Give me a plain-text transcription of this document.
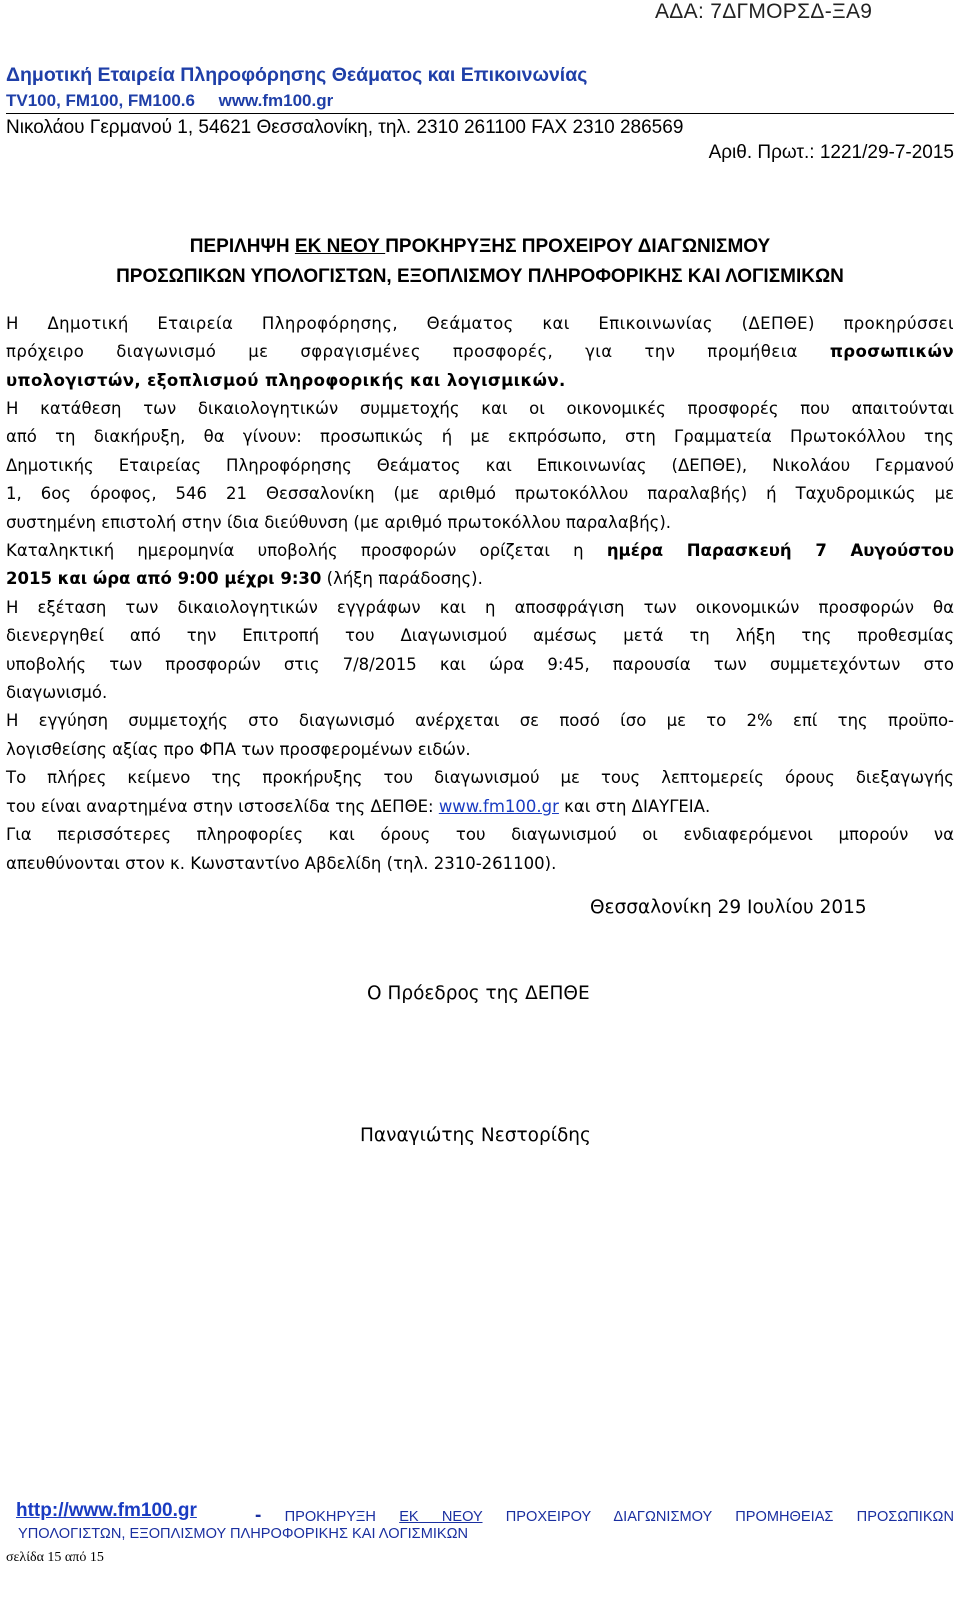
ΑΔΑ: 7ΔΓΜΟΡΣΔ-ΞΑ9
Δημοτική Εταιρεία Πληροφόρησης Θεάματος και Επικοινωνίας
TV100, FM100, FM100.6 www.fm100.gr
Νικολάου Γερμανού 1, 54621 Θεσσαλονίκη, τηλ. 2310 261100 FAX 2310 286569
Αριθ. Πρωτ.: 1221/29-7-2015
ΠΕΡΙΛΗΨΗ ΕΚ ΝΕΟΥ ΠΡΟΚΗΡΥΞΗΣ ΠΡΟΧΕΙΡΟΥ ΔΙΑΓΩΝΙΣΜΟΥ
ΠΡΟΣΩΠΙΚΩΝ ΥΠΟΛΟΓΙΣΤΩΝ, ΕΞΟΠΛΙΣΜΟΥ ΠΛΗΡΟΦΟΡΙΚΗΣ ΚΑΙ ΛΟΓΙΣΜΙΚΩΝ
Η Δημοτική Εταιρεία Πληροφόρησης, Θεάματος και Επικοινωνίας (ΔΕΠΘΕ) προκηρύσσει
πρόχειρο διαγωνισμό με σφραγισμένες προσφορές, για την προμήθεια προσωπικών
υπολογιστών, εξοπλισμού πληροφορικής και λογισμικών.
Η κατάθεση των δικαιολογητικών συμμετοχής και οι οικονομικές προσφορές που απαιτούνται
από τη διακήρυξη, θα γίνουν: προσωπικώς ή με εκπρόσωπο, στη Γραμματεία Πρωτοκόλλου της
Δημοτικής Εταιρείας Πληροφόρησης Θεάματος και Επικοινωνίας (ΔΕΠΘΕ), Νικολάου Γερμανού
1, 6ος όροφος, 546 21 Θεσσαλονίκη (με αριθμό πρωτοκόλλου παραλαβής) ή Ταχυδρομικώς με
συστημένη επιστολή στην ίδια διεύθυνση (με αριθμό πρωτοκόλλου παραλαβής).
Καταληκτική ημερομηνία υποβολής προσφορών ορίζεται η ημέρα Παρασκευή 7 Αυγούστου
2015 και ώρα από 9:00 μέχρι 9:30 (λήξη παράδοσης).
Η εξέταση των δικαιολογητικών εγγράφων και η αποσφράγιση των οικονομικών προσφορών θα
διενεργηθεί από την Επιτροπή του Διαγωνισμού αμέσως μετά τη λήξη της προθεσμίας
υποβολής των προσφορών στις 7/8/2015 και ώρα 9:45, παρουσία των συμμετεχόντων στο
διαγωνισμό.
Η εγγύηση συμμετοχής στο διαγωνισμό ανέρχεται σε ποσό ίσο με το 2% επί της προϋπο-
λογισθείσης αξίας προ ΦΠΑ των προσφερομένων ειδών.
Το πλήρες κείμενο της προκήρυξης του διαγωνισμού με τους λεπτομερείς όρους διεξαγωγής
του είναι αναρτημένα στην ιστοσελίδα της ΔΕΠΘΕ: www.fm100.gr και στη ΔΙΑΥΓΕΙΑ.
Για περισσότερες πληροφορίες και όρους του διαγωνισμού οι ενδιαφερόμενοι μπορούν να
απευθύνονται στον κ. Κωνσταντίνο Αβδελίδη (τηλ. 2310-261100).
Θεσσαλονίκη 29 Ιουλίου 2015
Ο Πρόεδρος της ΔΕΠΘΕ
Παναγιώτης Νεστορίδης
http://www.fm100.gr	- ΠΡΟΚΗΡΥΞΗ ΕΚ ΝΕΟΥ ΠΡΟΧΕΙΡΟΥ ΔΙΑΓΩΝΙΣΜΟΥ ΠΡΟΜΗΘΕΙΑΣ ΠΡΟΣΩΠΙΚΩΝ
ΥΠΟΛΟΓΙΣΤΩΝ, ΕΞΟΠΛΙΣΜΟΥ ΠΛΗΡΟΦΟΡΙΚΗΣ ΚΑΙ ΛΟΓΙΣΜΙΚΩΝ
σελίδα 15 από 15
